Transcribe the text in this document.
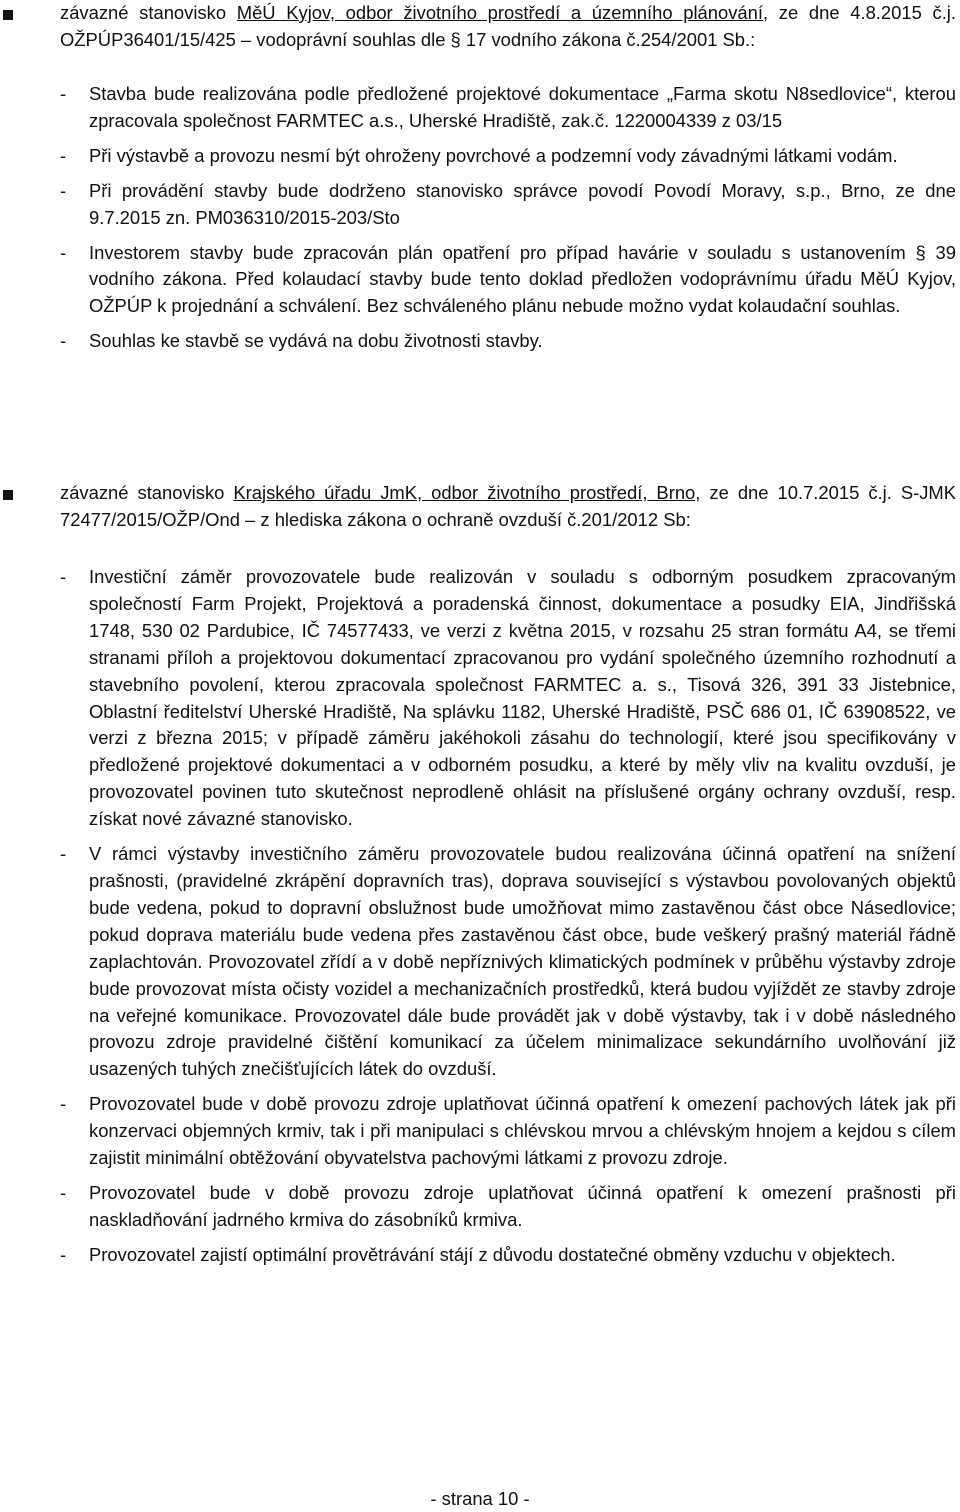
závazné stanovisko MěÚ Kyjov, odbor životního prostředí a územního plánování, ze dne 4.8.2015 č.j. OŽPÚP36401/15/425 – vodoprávní souhlas dle § 17 vodního zákona č.254/2001 Sb.:

- Stavba bude realizována podle předložené projektové dokumentace „Farma skotu N8sedlovice“, kterou zpracovala společnost FARMTEC a.s., Uherské Hradiště, zak.č. 1220004339 z 03/15
- Při výstavbě a provozu nesmí být ohroženy povrchové a podzemní vody závadnými látkami vodám.
- Při provádění stavby bude dodrženo stanovisko správce povodí Povodí Moravy, s.p., Brno, ze dne 9.7.2015 zn. PM036310/2015-203/Sto
- Investorem stavby bude zpracován plán opatření pro případ havárie v souladu s ustanovením § 39 vodního zákona. Před kolaudací stavby bude tento doklad předložen vodoprávnímu úřadu MěÚ Kyjov, OŽPÚP k projednání a schválení. Bez schváleného plánu nebude možno vydat kolaudační souhlas.
- Souhlas ke stavbě se vydává na dobu životnosti stavby.

závazné stanovisko Krajského úřadu JmK, odbor životního prostředí, Brno, ze dne 10.7.2015 č.j. S-JMK 72477/2015/OŽP/Ond – z hlediska zákona o ochraně ovzduší č.201/2012 Sb:

- Investiční záměr provozovatele bude realizován v souladu s odborným posudkem zpracovaným společností Farm Projekt, Projektová a poradenská činnost, dokumentace a posudky EIA, Jindřišská 1748, 530 02 Pardubice, IČ 74577433, ve verzi z května 2015, v rozsahu 25 stran formátu A4, se třemi stranami příloh a projektovou dokumentací zpracovanou pro vydání společného územního rozhodnutí a stavebního povolení, kterou zpracovala společnost FARMTEC a. s., Tisová 326, 391 33 Jistebnice, Oblastní ředitelství Uherské Hradiště, Na splávku 1182, Uherské Hradiště, PSČ 686 01, IČ 63908522, ve verzi z března 2015; v případě záměru jakéhokoli zásahu do technologií, které jsou specifikovány v předložené projektové dokumentaci a v odborném posudku, a které by měly vliv na kvalitu ovzduší, je provozovatel povinen tuto skutečnost neprodleně ohlásit na příslušené orgány ochrany ovzduší, resp. získat nové závazné stanovisko.
- V rámci výstavby investičního záměru provozovatele budou realizována účinná opatření na snížení prašnosti, (pravidelné zkrápění dopravních tras), doprava související s výstavbou povolovaných objektů bude vedena, pokud to dopravní obslužnost bude umožňovat mimo zastavěnou část obce Násedlovice; pokud doprava materiálu bude vedena přes zastavěnou část obce, bude veškerý prašný materiál řádně zaplachtován. Provozovatel zřídí a v době nepříznivých klimatických podmínek v průběhu výstavby zdroje bude provozovat místa očisty vozidel a mechanizačních prostředků, která budou vyjíždět ze stavby zdroje na veřejné komunikace. Provozovatel dále bude provádět jak v době výstavby, tak i v době následného provozu zdroje pravidelné čištění komunikací za účelem minimalizace sekundárního uvolňování již usazených tuhých znečišťujících látek do ovzduší.
- Provozovatel bude v době provozu zdroje uplatňovat účinná opatření k omezení pachových látek jak při konzervaci objemných krmiv, tak i při manipulaci s chlévskou mrvou a chlévským hnojem a kejdou s cílem zajistit minimální obtěžování obyvatelstva pachovými látkami z provozu zdroje.
- Provozovatel bude v době provozu zdroje uplatňovat účinná opatření k omezení prašnosti při naskladňování jadrného krmiva do zásobníků krmiva.
- Provozovatel zajistí optimální provětrávání stájí z důvodu dostatečné obměny vzduchu v objektech.
- strana 10 -
